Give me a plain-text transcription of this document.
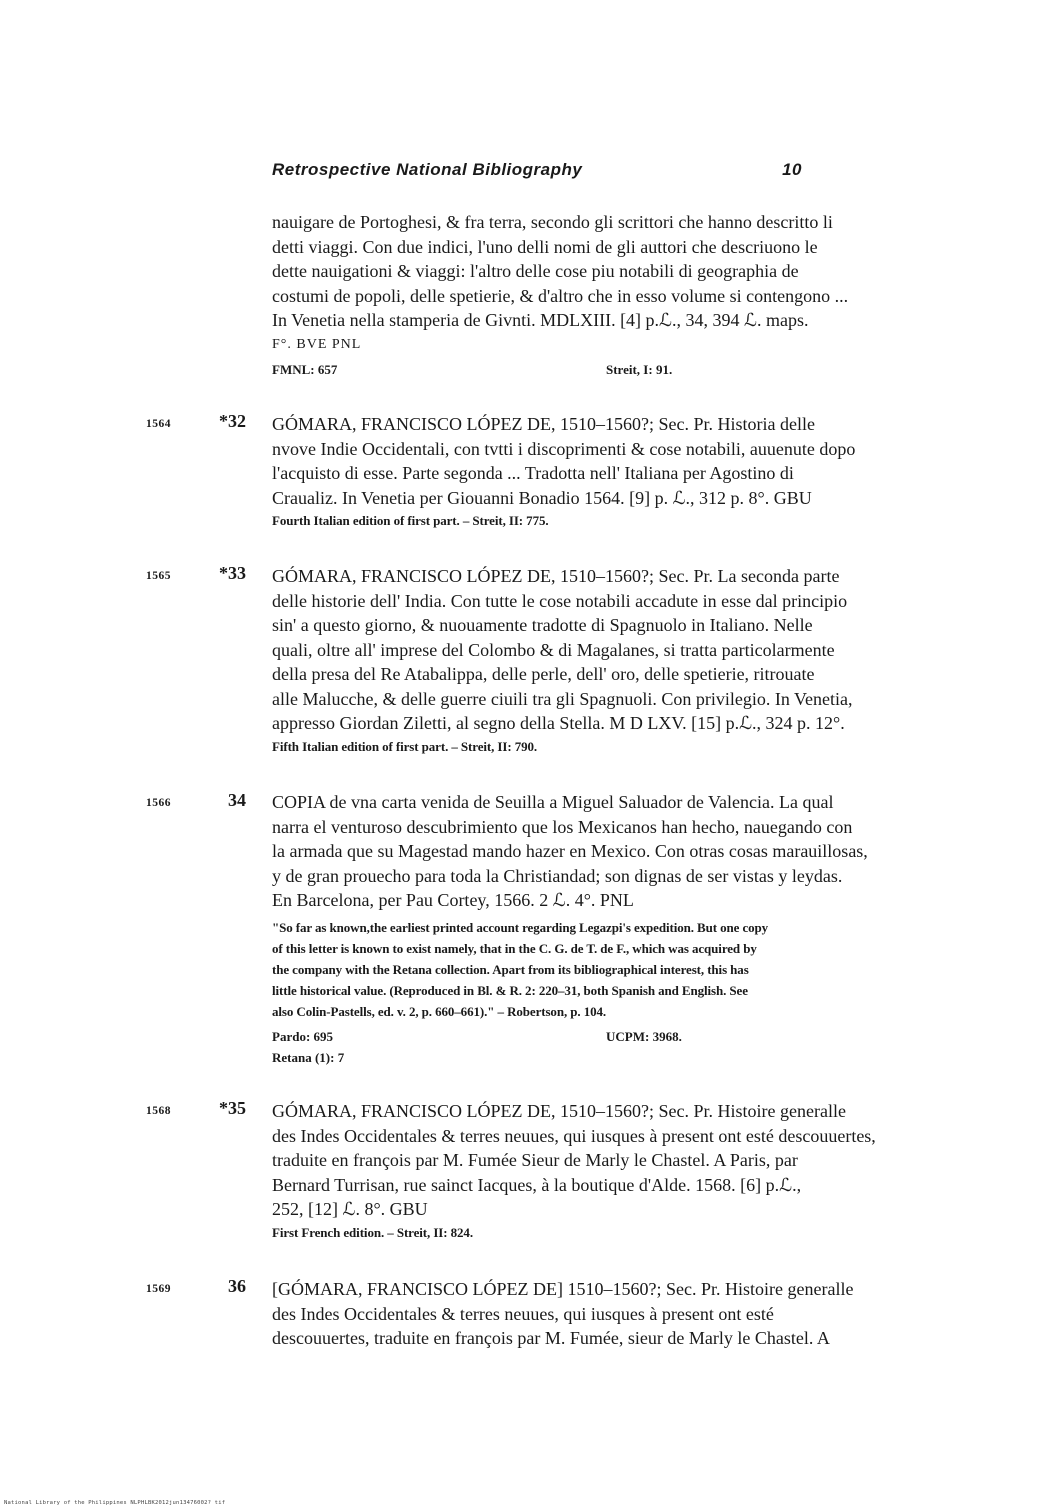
Retrospective National Bibliography	10
nauigare de Portoghesi, & fra terra, secondo gli scrittori che hanno descritto li
detti viaggi. Con due indici, l'uno delli nomi de gli auttori che descriuono le
dette nauigationi & viaggi: l'altro delle cose piu notabili di geographia de
costumi de popoli, delle spetierie, & d'altro che in esso volume si contengono ...
In Venetia nella stamperia de Givnti. MDLXIII. [4] p.ℒ., 34, 394 ℒ. maps.
F°. BVE PNL
FMNL: 657	Streit, I: 91.
1564	*32 GÓMARA, FRANCISCO LÓPEZ DE, 1510–1560?; Sec. Pr. Historia delle
nvove Indie Occidentali, con tvtti i discoprimenti & cose notabili, auuenute dopo
l'acquisto di esse. Parte segonda ... Tradotta nell' Italiana per Agostino di
Craualiz. In Venetia per Giouanni Bonadio 1564. [9] p. ℒ., 312 p. 8°. GBU
Fourth Italian edition of first part. – Streit, II: 775.
1565	*33 GÓMARA, FRANCISCO LÓPEZ DE, 1510–1560?; Sec. Pr. La seconda parte
delle historie dell' India. Con tutte le cose notabili accadute in esse dal principio
sin' a questo giorno, & nuouamente tradotte di Spagnuolo in Italiano. Nelle
quali, oltre all' imprese del Colombo & di Magalanes, si tratta particolarmente
della presa del Re Atabalippa, delle perle, dell' oro, delle spetierie, ritrouate
alle Malucche, & delle guerre ciuili tra gli Spagnuoli. Con privilegio. In Venetia,
appresso Giordan Ziletti, al segno della Stella. M D LXV. [15] p.ℒ., 324 p. 12°.
Fifth Italian edition of first part. – Streit, II: 790.
1566	34 COPIA de vna carta venida de Seuilla a Miguel Saluador de Valencia. La qual
narra el venturoso descubrimiento que los Mexicanos han hecho, nauegando con
la armada que su Magestad mando hazer en Mexico. Con otras cosas marauillosas,
y de gran prouecho para toda la Christiandad; son dignas de ser vistas y leydas.
En Barcelona, per Pau Cortey, 1566. 2 ℒ. 4°. PNL
"So far as known,the earliest printed account regarding Legazpi's expedition. But one copy
of this letter is known to exist namely, that in the C. G. de T. de F., which was acquired by
the company with the Retana collection. Apart from its bibliographical interest, this has
little historical value. (Reproduced in Bl. & R. 2: 220–31, both Spanish and English. See
also Colin-Pastells, ed. v. 2, p. 660–661)." – Robertson, p. 104.
Pardo: 695	UCPM: 3968.
Retana (1): 7
1568	*35 GÓMARA, FRANCISCO LÓPEZ DE, 1510–1560?; Sec. Pr. Histoire generalle
des Indes Occidentales & terres neuues, qui iusques à present ont esté descouuertes,
traduite en françois par M. Fumée Sieur de Marly le Chastel. A Paris, par
Bernard Turrisan, rue sainct Iacques, à la boutique d'Alde. 1568. [6] p.ℒ.,
252, [12] ℒ. 8°. GBU
First French edition. – Streit, II: 824.
1569	36 [GÓMARA, FRANCISCO LÓPEZ DE] 1510–1560?; Sec. Pr. Histoire generalle
des Indes Occidentales & terres neuues, qui iusques à present ont esté
descouuertes, traduite en françois par M. Fumée, sieur de Marly le Chastel. A
National Library of the Philippines NLPHLBK2012jun13476002? tif
